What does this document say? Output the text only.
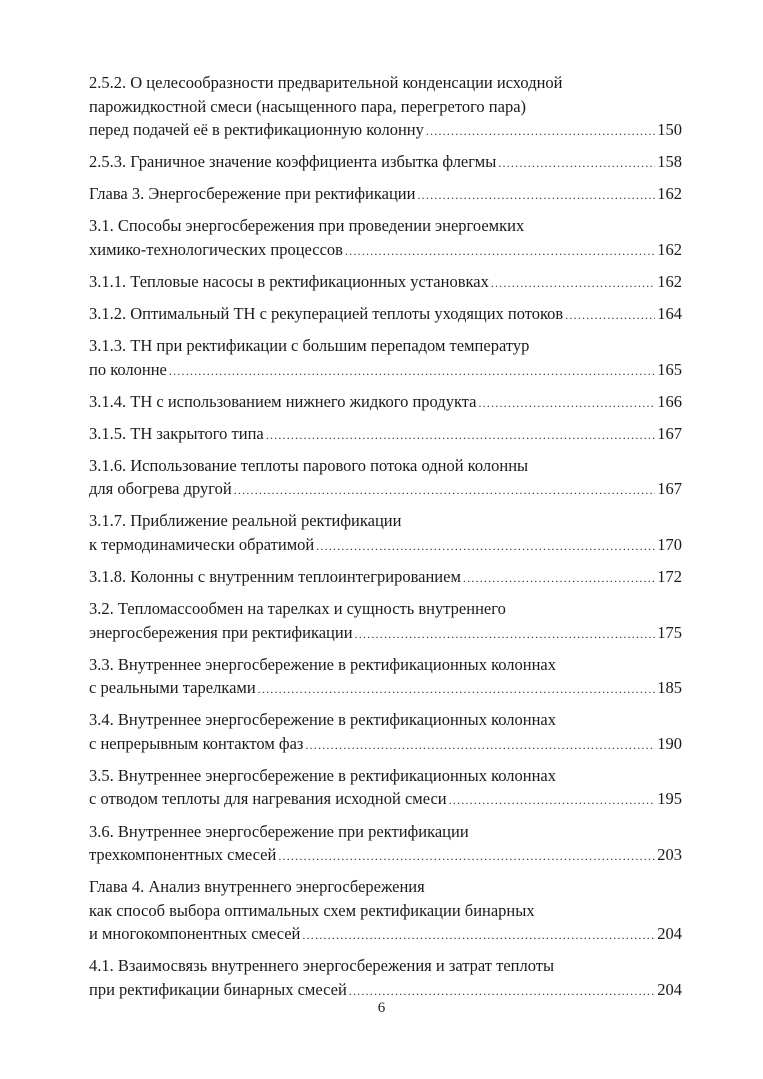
2.5.2. О целесообразности предварительной конденсации исходной
парожидкостной смеси (насыщенного пара, перегретого пара)
перед подачей её в ректификационную колонну .....	150
2.5.3. Граничное значение коэффициента избытка флегмы .....	158
Глава 3. Энергосбережение при ректификации .....	162
3.1. Способы энергосбережения при проведении энергоемких
химико-технологических процессов .....	162
3.1.1. Тепловые насосы в ректификационных установках .....	162
3.1.2. Оптимальный ТН с рекуперацией теплоты уходящих потоков .....	164
3.1.3. ТН при ректификации с большим перепадом температур
по колонне .....	165
3.1.4. ТН с использованием нижнего жидкого продукта .....	166
3.1.5. ТН закрытого типа .....	167
3.1.6. Использование теплоты парового потока одной колонны
для обогрева другой .....	167
3.1.7. Приближение реальной ректификации
к термодинамически обратимой .....	170
3.1.8. Колонны с внутренним теплоинтегрированием .....	172
3.2. Тепломассообмен на тарелках и сущность внутреннего
энергосбережения при ректификации .....	175
3.3. Внутреннее энергосбережение в ректификационных колоннах
с реальными тарелками .....	185
3.4. Внутреннее энергосбережение в ректификационных колоннах
с непрерывным контактом фаз .....	190
3.5. Внутреннее энергосбережение в ректификационных колоннах
с отводом теплоты для нагревания исходной смеси .....	195
3.6. Внутреннее энергосбережение при ректификации
трехкомпонентных смесей .....	203
Глава 4. Анализ внутреннего энергосбережения
как способ выбора оптимальных схем ректификации бинарных
и многокомпонентных смесей .....	204
4.1. Взаимосвязь внутреннего энергосбережения и затрат теплоты
при ректификации бинарных смесей .....	204
6
